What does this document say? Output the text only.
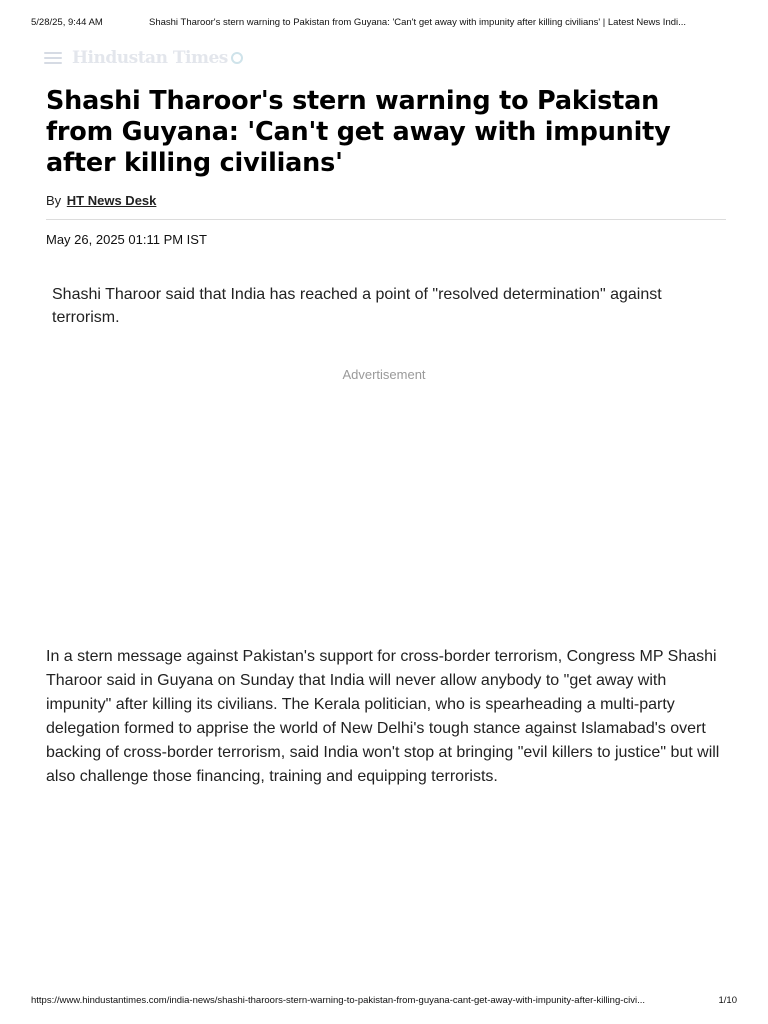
5/28/25, 9:44 AM	Shashi Tharoor's stern warning to Pakistan from Guyana: 'Can't get away with impunity after killing civilians' | Latest News Indi...
Hindustan Times
Shashi Tharoor's stern warning to Pakistan from Guyana: 'Can't get away with impunity after killing civilians'
By HT News Desk
May 26, 2025 01:11 PM IST

Shashi Tharoor said that India has reached a point of "resolved determination" against terrorism.

Advertisement

In a stern message against Pakistan's support for cross-border terrorism, Congress MP Shashi Tharoor said in Guyana on Sunday that India will never allow anybody to "get away with impunity" after killing its civilians. The Kerala politician, who is spearheading a multi-party delegation formed to apprise the world of New Delhi's tough stance against Islamabad's overt backing of cross-border terrorism, said India won't stop at bringing "evil killers to justice" but will also challenge those financing, training and equipping terrorists.

https://www.hindustantimes.com/india-news/shashi-tharoors-stern-warning-to-pakistan-from-guyana-cant-get-away-with-impunity-after-killing-civi...	1/10
